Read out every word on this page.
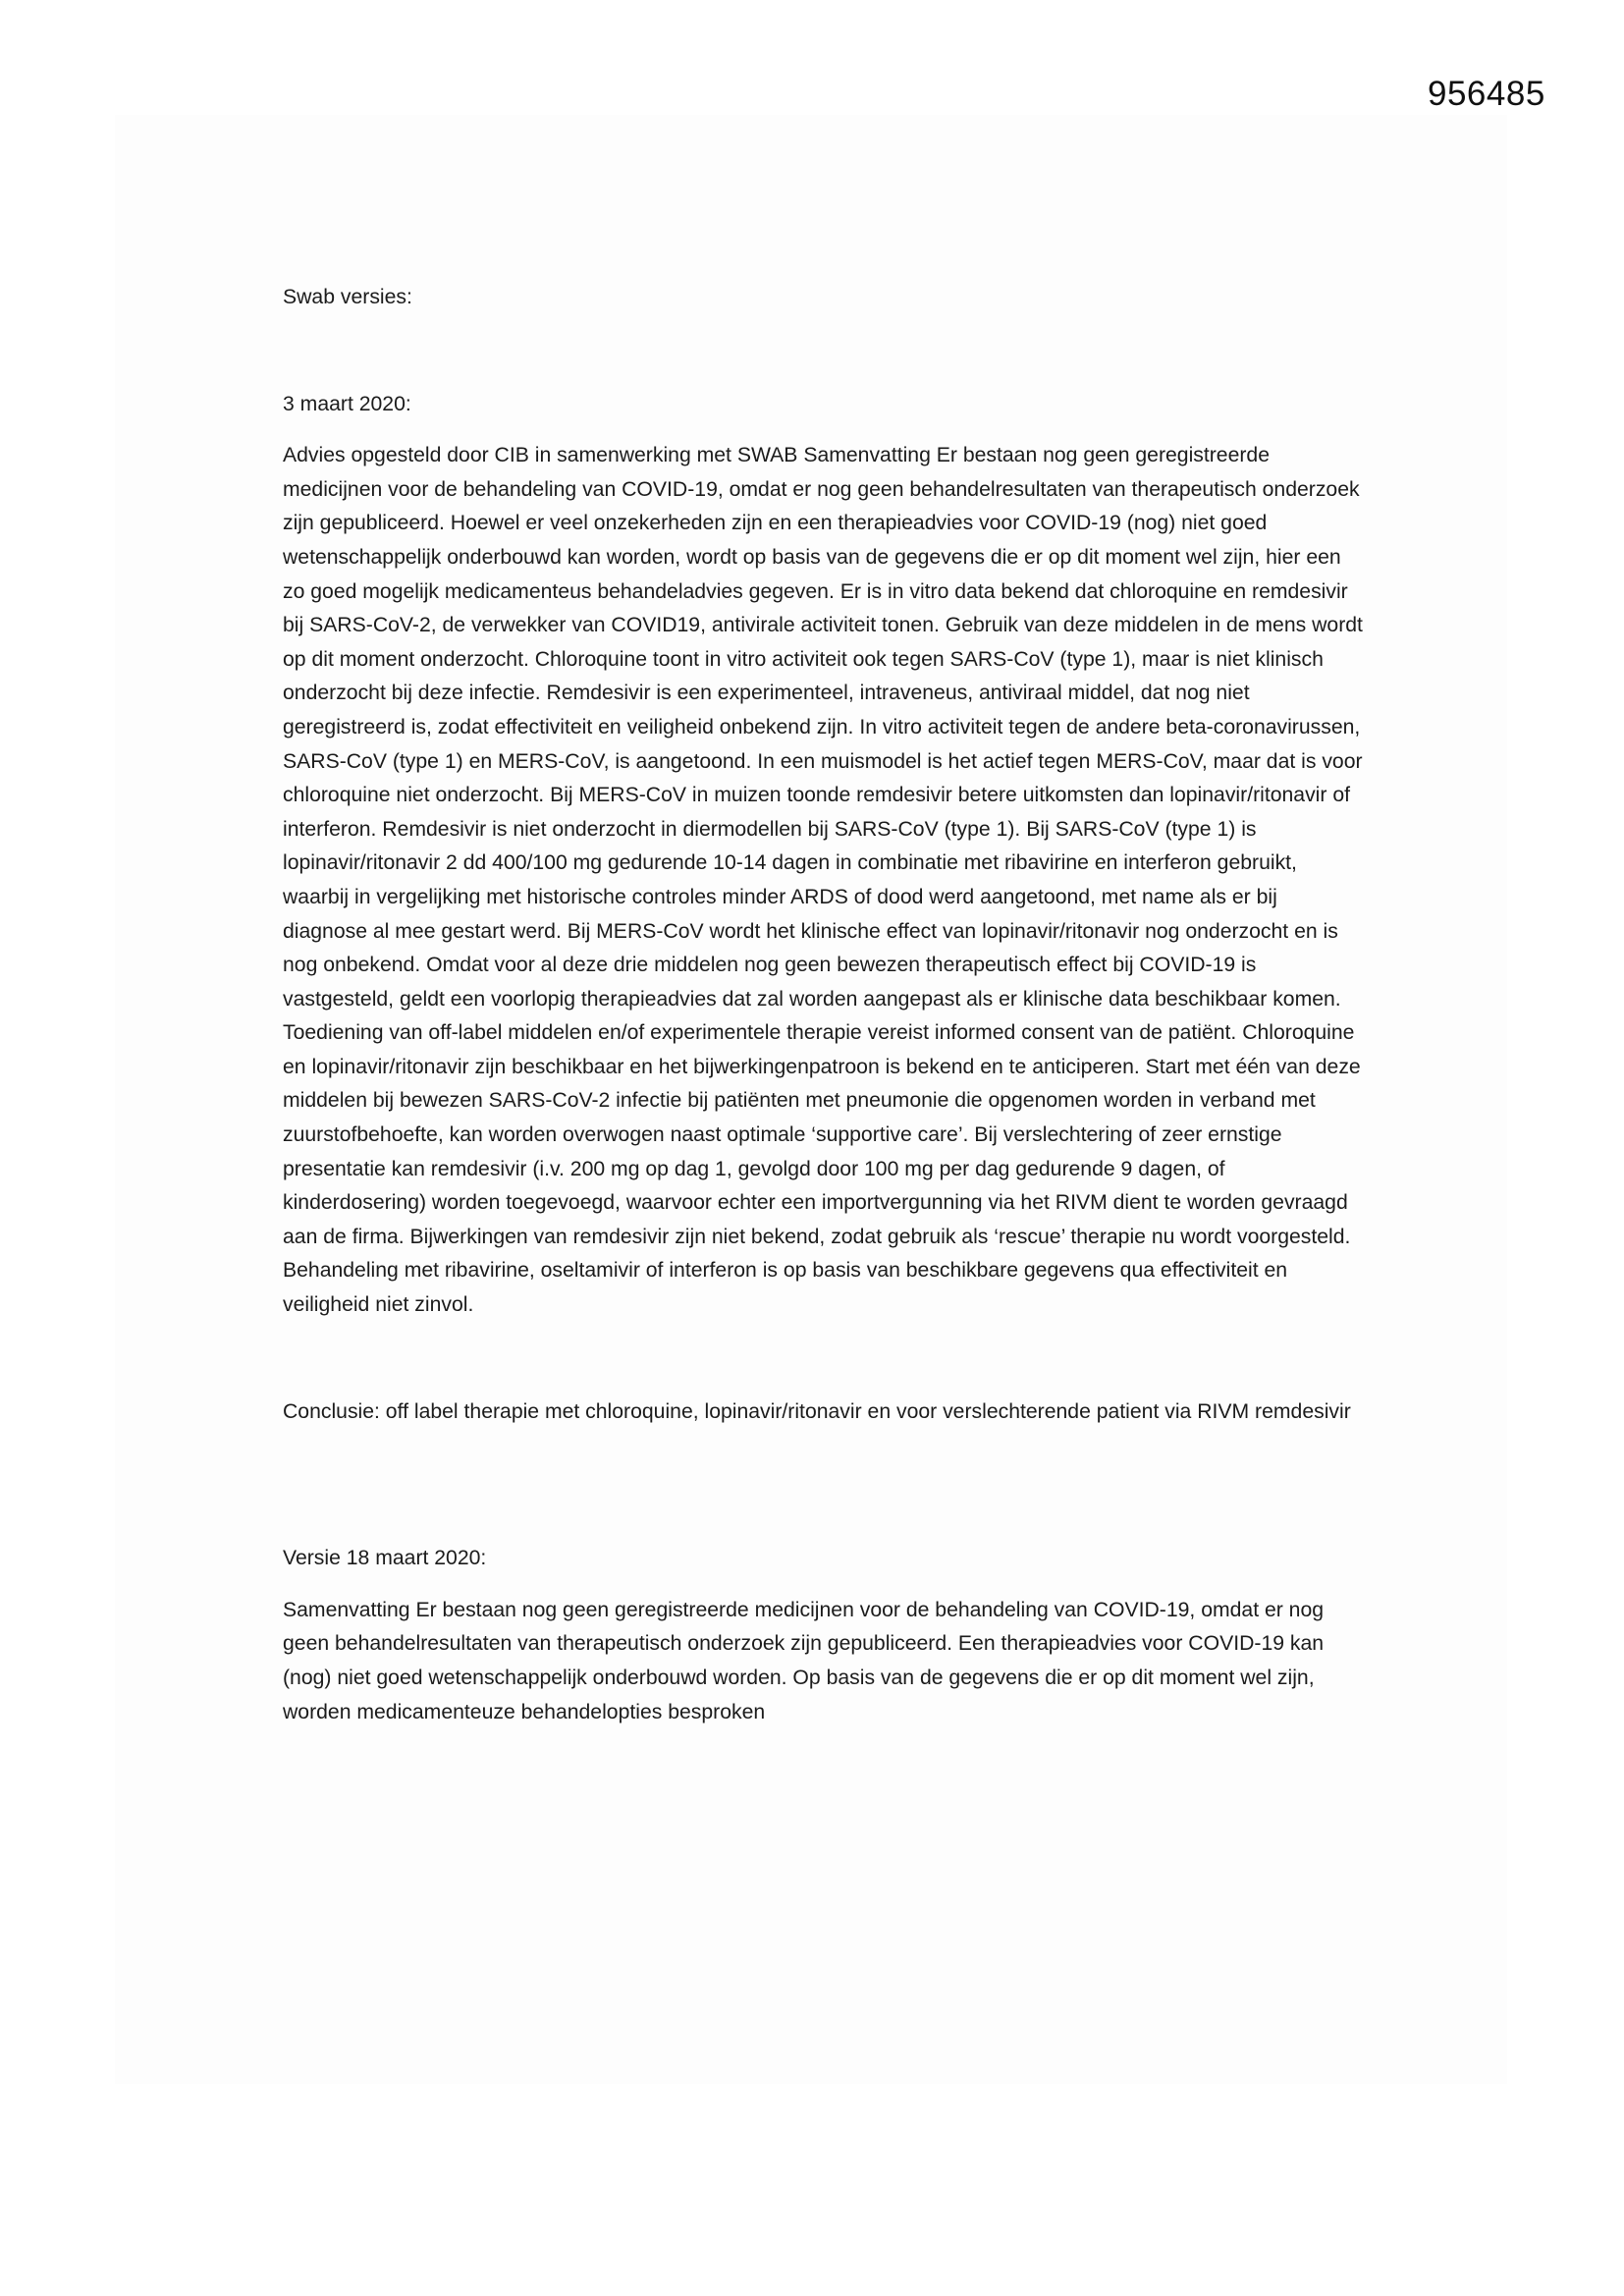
956485

Swab versies:

3 maart 2020:

Advies opgesteld door CIB in samenwerking met SWAB Samenvatting Er bestaan nog geen geregistreerde medicijnen voor de behandeling van COVID-19, omdat er nog geen behandelresultaten van therapeutisch onderzoek zijn gepubliceerd. Hoewel er veel onzekerheden zijn en een therapieadvies voor COVID-19 (nog) niet goed wetenschappelijk onderbouwd kan worden, wordt op basis van de gegevens die er op dit moment wel zijn, hier een zo goed mogelijk medicamenteus behandeladvies gegeven. Er is in vitro data bekend dat chloroquine en remdesivir bij SARS-CoV-2, de verwekker van COVID19, antivirale activiteit tonen. Gebruik van deze middelen in de mens wordt op dit moment onderzocht. Chloroquine toont in vitro activiteit ook tegen SARS-CoV (type 1), maar is niet klinisch onderzocht bij deze infectie. Remdesivir is een experimenteel, intraveneus, antiviraal middel, dat nog niet geregistreerd is, zodat effectiviteit en veiligheid onbekend zijn. In vitro activiteit tegen de andere beta-coronavirussen, SARS-CoV (type 1) en MERS-CoV, is aangetoond. In een muismodel is het actief tegen MERS-CoV, maar dat is voor chloroquine niet onderzocht. Bij MERS-CoV in muizen toonde remdesivir betere uitkomsten dan lopinavir/ritonavir of interferon. Remdesivir is niet onderzocht in diermodellen bij SARS-CoV (type 1). Bij SARS-CoV (type 1) is lopinavir/ritonavir 2 dd 400/100 mg gedurende 10-14 dagen in combinatie met ribavirine en interferon gebruikt, waarbij in vergelijking met historische controles minder ARDS of dood werd aangetoond, met name als er bij diagnose al mee gestart werd. Bij MERS-CoV wordt het klinische effect van lopinavir/ritonavir nog onderzocht en is nog onbekend. Omdat voor al deze drie middelen nog geen bewezen therapeutisch effect bij COVID-19 is vastgesteld, geldt een voorlopig therapieadvies dat zal worden aangepast als er klinische data beschikbaar komen. Toediening van off-label middelen en/of experimentele therapie vereist informed consent van de patiënt. Chloroquine en lopinavir/ritonavir zijn beschikbaar en het bijwerkingenpatroon is bekend en te anticiperen. Start met één van deze middelen bij bewezen SARS-CoV-2 infectie bij patiënten met pneumonie die opgenomen worden in verband met zuurstofbehoefte, kan worden overwogen naast optimale ‘supportive care’. Bij verslechtering of zeer ernstige presentatie kan remdesivir (i.v. 200 mg op dag 1, gevolgd door 100 mg per dag gedurende 9 dagen, of kinderdosering) worden toegevoegd, waarvoor echter een importvergunning via het RIVM dient te worden gevraagd aan de firma. Bijwerkingen van remdesivir zijn niet bekend, zodat gebruik als ‘rescue’ therapie nu wordt voorgesteld. Behandeling met ribavirine, oseltamivir of interferon is op basis van beschikbare gegevens qua effectiviteit en veiligheid niet zinvol.

Conclusie: off label therapie met chloroquine, lopinavir/ritonavir en voor verslechterende patient via RIVM remdesivir

Versie 18 maart 2020:

Samenvatting Er bestaan nog geen geregistreerde medicijnen voor de behandeling van COVID-19, omdat er nog geen behandelresultaten van therapeutisch onderzoek zijn gepubliceerd. Een therapieadvies voor COVID-19 kan (nog) niet goed wetenschappelijk onderbouwd worden. Op basis van de gegevens die er op dit moment wel zijn, worden medicamenteuze behandelopties besproken
